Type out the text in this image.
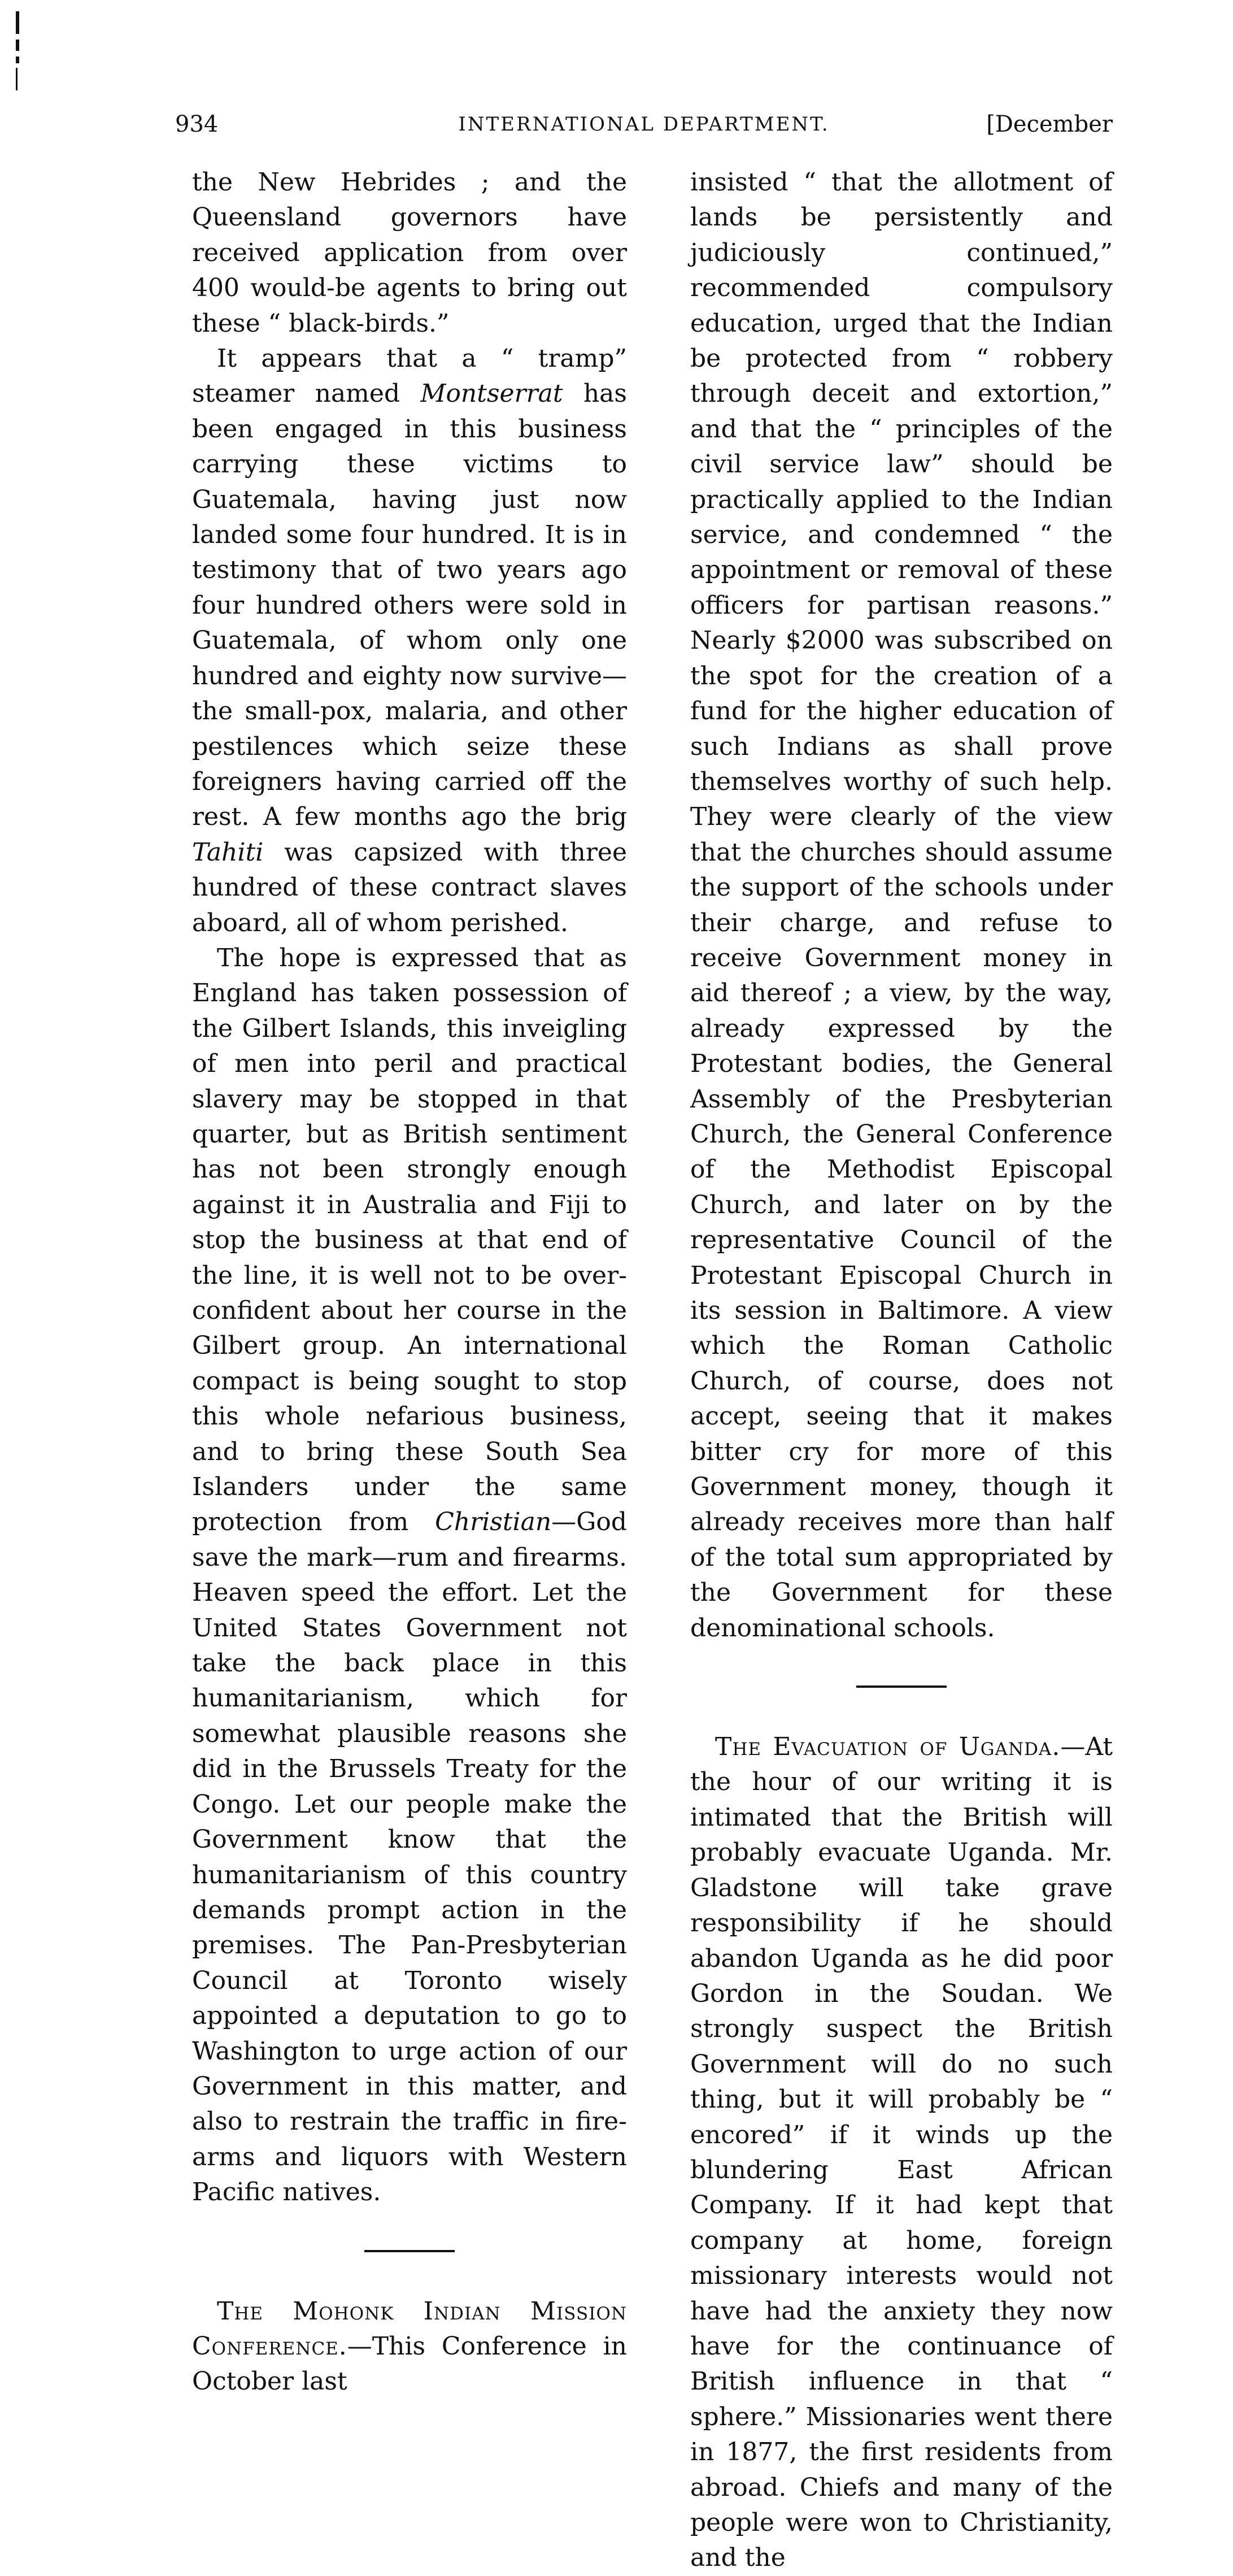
934	INTERNATIONAL DEPARTMENT.	[December

the New Hebrides ; and the Queensland governors have received application from over 400 would-be agents to bring out these “ black-birds.”

It appears that a “ tramp” steamer named Montserrat has been engaged in this business carrying these victims to Guatemala, having just now landed some four hundred. It is in testimony that of two years ago four hundred others were sold in Guatemala, of whom only one hundred and eighty now survive—the small-pox, malaria, and other pestilences which seize these foreigners having carried off the rest. A few months ago the brig Tahiti was capsized with three hundred of these contract slaves aboard, all of whom perished.

The hope is expressed that as England has taken possession of the Gilbert Islands, this inveigling of men into peril and practical slavery may be stopped in that quarter, but as British sentiment has not been strongly enough against it in Australia and Fiji to stop the business at that end of the line, it is well not to be over-confident about her course in the Gilbert group. An international compact is being sought to stop this whole nefarious business, and to bring these South Sea Islanders under the same protection from Christian—God save the mark—rum and firearms. Heaven speed the effort. Let the United States Government not take the back place in this humanitarianism, which for somewhat plausible reasons she did in the Brussels Treaty for the Congo. Let our people make the Government know that the humanitarianism of this country demands prompt action in the premises. The Pan-Presbyterian Council at Toronto wisely appointed a deputation to go to Washington to urge action of our Government in this matter, and also to restrain the traffic in fire-arms and liquors with Western Pacific natives.

The Mohonk Indian Mission Conference.—This Conference in October last

insisted “ that the allotment of lands be persistently and judiciously continued,” recommended compulsory education, urged that the Indian be protected from “ robbery through deceit and extortion,” and that the “ principles of the civil service law” should be practically applied to the Indian service, and condemned “ the appointment or removal of these officers for partisan reasons.” Nearly $2000 was subscribed on the spot for the creation of a fund for the higher education of such Indians as shall prove themselves worthy of such help. They were clearly of the view that the churches should assume the support of the schools under their charge, and refuse to receive Government money in aid thereof ; a view, by the way, already expressed by the Protestant bodies, the General Assembly of the Presbyterian Church, the General Conference of the Methodist Episcopal Church, and later on by the representative Council of the Protestant Episcopal Church in its session in Baltimore. A view which the Roman Catholic Church, of course, does not accept, seeing that it makes bitter cry for more of this Government money, though it already receives more than half of the total sum appropriated by the Government for these denominational schools.

The Evacuation of Uganda.—At the hour of our writing it is intimated that the British will probably evacuate Uganda. Mr. Gladstone will take grave responsibility if he should abandon Uganda as he did poor Gordon in the Soudan. We strongly suspect the British Government will do no such thing, but it will probably be “ encored” if it winds up the blundering East African Company. If it had kept that company at home, foreign missionary interests would not have had the anxiety they now have for the continuance of British influence in that “ sphere.” Missionaries went there in 1877, the first residents from abroad. Chiefs and many of the people were won to Christianity, and the
